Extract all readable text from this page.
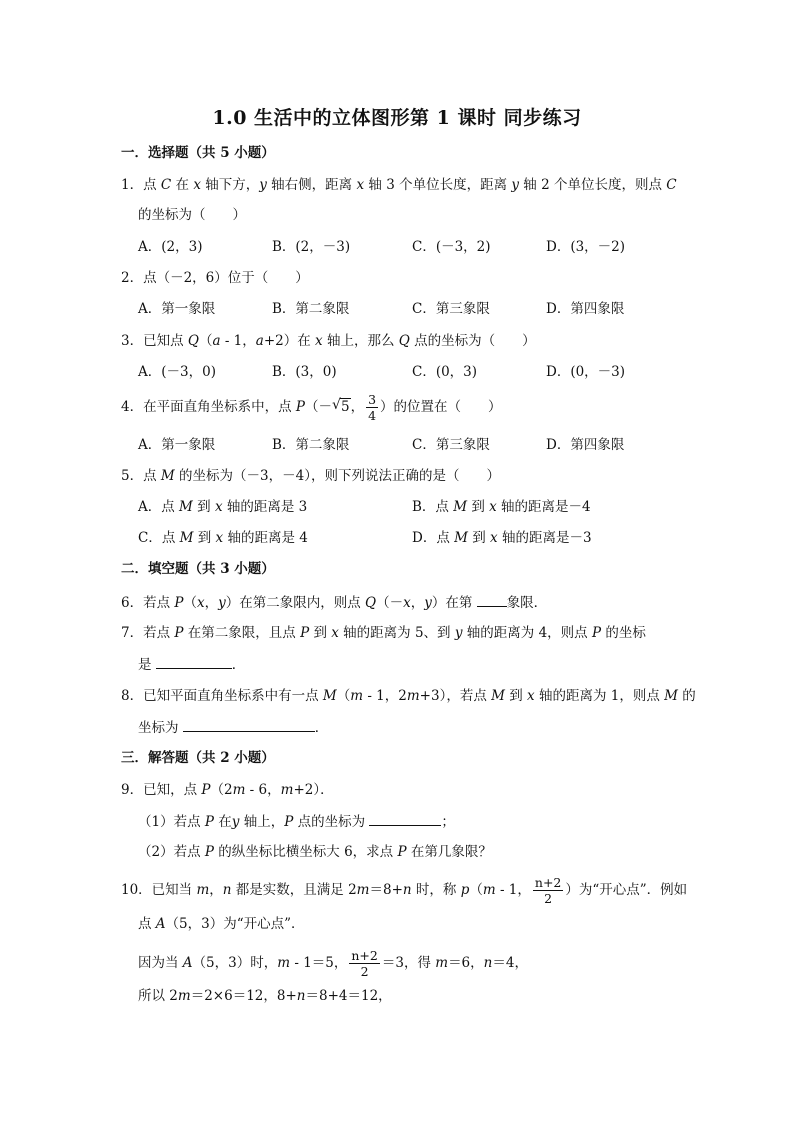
1.0 生活中的立体图形第 1 课时 同步练习
一．选择题（共 5 小题）
1．点 C 在 x 轴下方，y 轴右侧，距离 x 轴 3 个单位长度，距离 y 轴 2 个单位长度，则点 C
的坐标为（　　）
A．(2，3)	B．(2，－3)	C．(－3，2)	D．(3，－2)
2．点（－2，6）位于（　　）
A．第一象限	B．第二象限	C．第三象限	D．第四象限
3．已知点 Q（a - 1，a+2）在 x 轴上，那么 Q 点的坐标为（　　）
A．(－3，0)	B．(3，0)	C．(0，3)	D．(0，－3)
4．在平面直角坐标系中，点 P（－ √ 5， $\frac{3}{4}$ ）的位置在（　　）
A．第一象限	B．第二象限	C．第三象限	D．第四象限
5．点 M 的坐标为（－3，－4），则下列说法正确的是（　　）
A．点 M 到 x 轴的距离是 3	B．点 M 到 x 轴的距离是－4
C．点 M 到 x 轴的距离是 4	D．点 M 到 x 轴的距离是－3
二．填空题（共 3 小题）
6．若点 P（x，y）在第二象限内，则点 Q（－x，y）在第 象限．
7．若点 P 在第二象限，且点 P 到 x 轴的距离为 5、到 y 轴的距离为 4，则点 P 的坐标
是	．
8．已知平面直角坐标系中有一点 M（m - 1，2m+3），若点 M 到 x 轴的距离为 1，则点 M 的
坐标为	．
三．解答题（共 2 小题）
9．已知，点 P（2m - 6，m+2）．
（1）若点 P 在y 轴上，P 点的坐标为	；
（2）若点 P 的纵坐标比横坐标大 6，求点 P 在第几象限？
10．已知当 m，n 都是实数，且满足 2m＝8+n 时，称 p（m - 1， $\frac{n+2}{2}$ ）为“开心点”．例如
点 A（5，3）为“开心点”．
因为当 A（5，3）时，m - 1＝5， $\frac{n+2}{2} =3$，得 m＝6，n＝4，
所以 2m＝2×6＝12，8+n＝8+4＝12，
